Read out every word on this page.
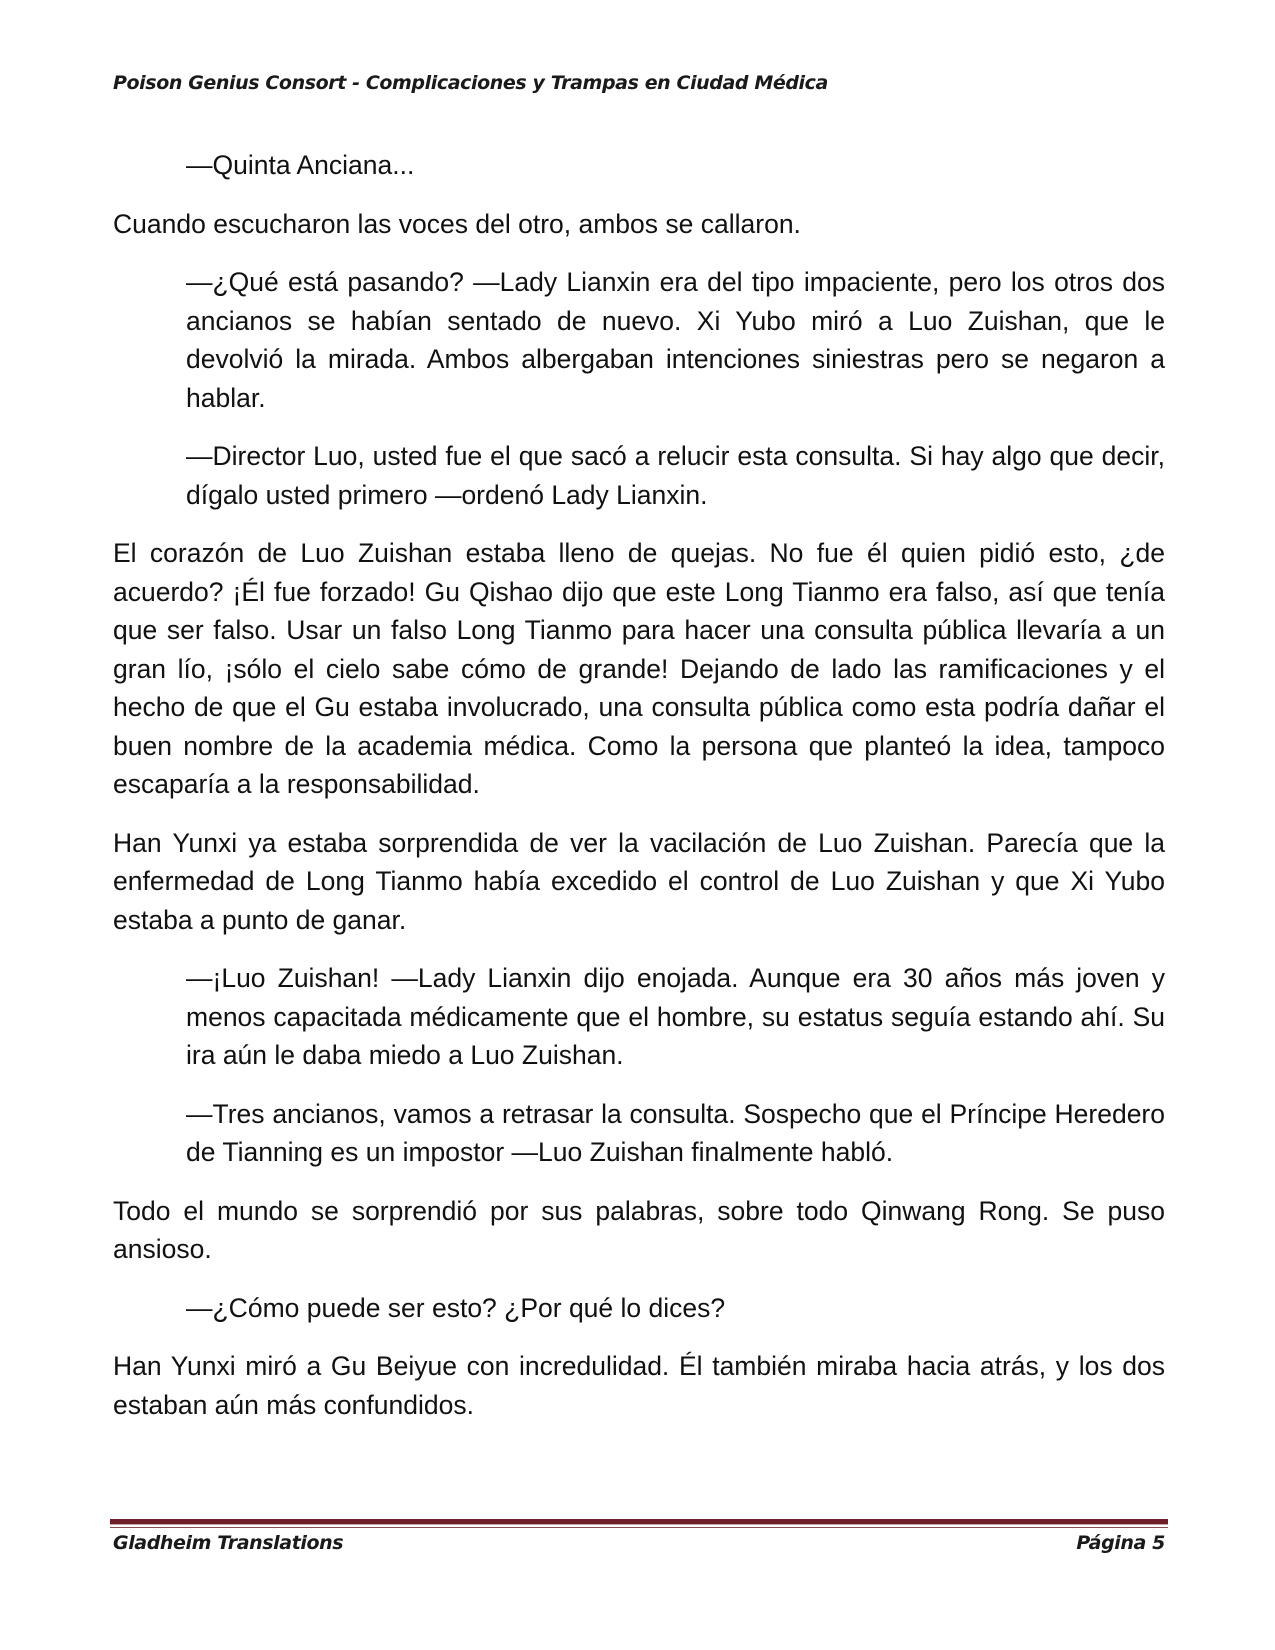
Poison Genius Consort - Complicaciones y Trampas en Ciudad Médica

—Quinta Anciana...

Cuando escucharon las voces del otro, ambos se callaron.

—¿Qué está pasando? —Lady Lianxin era del tipo impaciente, pero los otros dos ancianos se habían sentado de nuevo. Xi Yubo miró a Luo Zuishan, que le devolvió la mirada. Ambos albergaban intenciones siniestras pero se negaron a hablar.

—Director Luo, usted fue el que sacó a relucir esta consulta. Si hay algo que decir, dígalo usted primero —ordenó Lady Lianxin.

El corazón de Luo Zuishan estaba lleno de quejas. No fue él quien pidió esto, ¿de acuerdo? ¡Él fue forzado! Gu Qishao dijo que este Long Tianmo era falso, así que tenía que ser falso. Usar un falso Long Tianmo para hacer una consulta pública llevaría a un gran lío, ¡sólo el cielo sabe cómo de grande! Dejando de lado las ramificaciones y el hecho de que el Gu estaba involucrado, una consulta pública como esta podría dañar el buen nombre de la academia médica. Como la persona que planteó la idea, tampoco escaparía a la responsabilidad.

Han Yunxi ya estaba sorprendida de ver la vacilación de Luo Zuishan. Parecía que la enfermedad de Long Tianmo había excedido el control de Luo Zuishan y que Xi Yubo estaba a punto de ganar.

—¡Luo Zuishan! —Lady Lianxin dijo enojada. Aunque era 30 años más joven y menos capacitada médicamente que el hombre, su estatus seguía estando ahí. Su ira aún le daba miedo a Luo Zuishan.

—Tres ancianos, vamos a retrasar la consulta. Sospecho que el Príncipe Heredero de Tianning es un impostor —Luo Zuishan finalmente habló.

Todo el mundo se sorprendió por sus palabras, sobre todo Qinwang Rong. Se puso ansioso.

—¿Cómo puede ser esto? ¿Por qué lo dices?

Han Yunxi miró a Gu Beiyue con incredulidad. Él también miraba hacia atrás, y los dos estaban aún más confundidos.

Gladheim Translations	Página 5
